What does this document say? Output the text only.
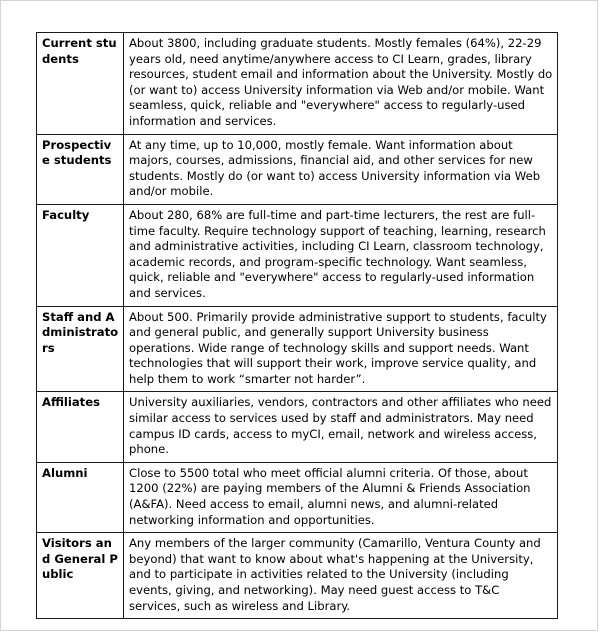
Current students	About 3800, including graduate students. Mostly females (64%), 22-29 years old, need anytime/anywhere access to CI Learn, grades, library resources, student email and information about the University. Mostly do (or want to) access University information via Web and/or mobile. Want seamless, quick, reliable and "everywhere" access to regularly-used information and services.
Prospective students	At any time, up to 10,000, mostly female. Want information about majors, courses, admissions, financial aid, and other services for new students. Mostly do (or want to) access University information via Web and/or mobile.
Faculty	About 280, 68% are full-time and part-time lecturers, the rest are full-time faculty. Require technology support of teaching, learning, research and administrative activities, including CI Learn, classroom technology, academic records, and program-specific technology. Want seamless, quick, reliable and "everywhere" access to regularly-used information and services.
Staff and Administrators	About 500. Primarily provide administrative support to students, faculty and general public, and generally support University business operations. Wide range of technology skills and support needs. Want technologies that will support their work, improve service quality, and help them to work “smarter not harder”.
Affiliates	University auxiliaries, vendors, contractors and other affiliates who need similar access to services used by staff and administrators. May need campus ID cards, access to myCI, email, network and wireless access, phone.
Alumni	Close to 5500 total who meet official alumni criteria. Of those, about 1200 (22%) are paying members of the Alumni & Friends Association (A&FA). Need access to email, alumni news, and alumni-related networking information and opportunities.
Visitors and General Public	Any members of the larger community (Camarillo, Ventura County and beyond) that want to know about what's happening at the University, and to participate in activities related to the University (including events, giving, and networking). May need guest access to T&C services, such as wireless and Library.
